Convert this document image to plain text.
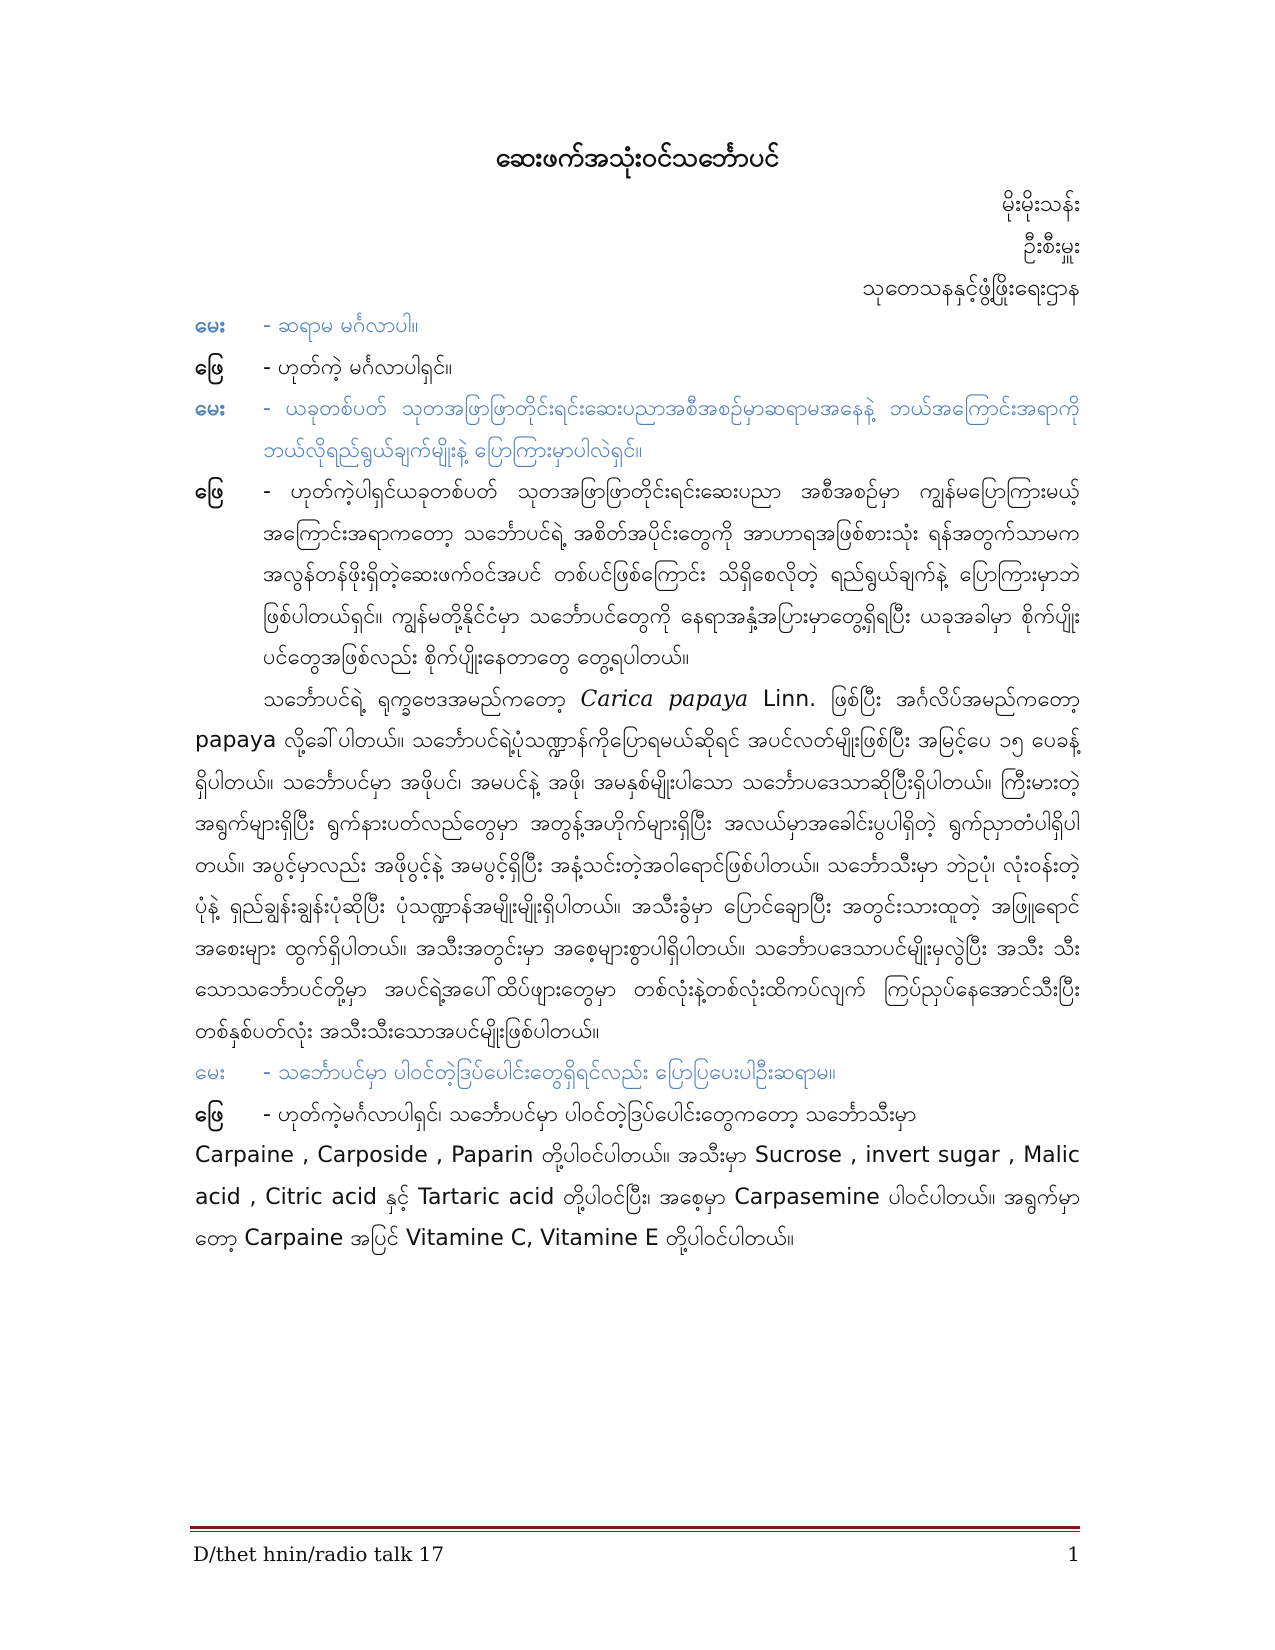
ဆေးဖက်အသုံးဝင်သင်္ဘောပင်
မိုးမိုးသန်း
ဦးစီးမှူး
သုတေသနနှင့်ဖွံ့ဖြိုးရေးဌာန
မေး	- ဆရာမ မင်္ဂလာပါ။
ဖြေ	- ဟုတ်ကဲ့ မင်္ဂလာပါရှင်။
မေး	- ယခုတစ်ပတ် သုတအဖြာဖြာတိုင်းရင်းဆေးပညာအစီအစဉ်မှာဆရာမအနေနဲ့ ဘယ်အကြောင်းအရာကို ဘယ်လိုရည်ရွယ်ချက်မျိုးနဲ့ ပြောကြားမှာပါလဲရှင်။
ဖြေ	- ဟုတ်ကဲ့ပါရှင်ယခုတစ်ပတ် သုတအဖြာဖြာတိုင်းရင်းဆေးပညာ အစီအစဉ်မှာ ကျွန်မပြောကြားမယ့် အကြောင်းအရာကတော့ သင်္ဘောပင်ရဲ့ အစိတ်အပိုင်းတွေကို အာဟာရအဖြစ်စားသုံး ရန်အတွက်သာမက အလွန်တန်ဖိုးရှိတဲ့ဆေးဖက်ဝင်အပင် တစ်ပင်ဖြစ်ကြောင်း သိရှိစေလိုတဲ့ ရည်ရွယ်ချက်နဲ့ ပြောကြားမှာဘဲဖြစ်ပါတယ်ရှင်။ ကျွန်မတို့နိုင်ငံမှာ သင်္ဘောပင်တွေကို နေရာအနှံ့အပြားမှာတွေ့ရှိရပြီး ယခုအခါမှာ စိုက်ပျိုးပင်တွေအဖြစ်လည်း စိုက်ပျိုးနေတာတွေ တွေ့ရပါတယ်။

သင်္ဘောပင်ရဲ့ ရုက္ခဗေဒအမည်ကတော့ Carica papaya Linn. ဖြစ်ပြီး အင်္ဂလိပ်အမည်ကတော့ papaya လို့ခေါ်ပါတယ်။ သင်္ဘောပင်ရဲ့ပုံသဏ္ဍာန်ကိုပြောရမယ်ဆိုရင် အပင်လတ်မျိုးဖြစ်ပြီး အမြင့်ပေ ၁၅ ပေခန့်ရှိပါတယ်။ သင်္ဘောပင်မှာ အဖိုပင်၊ အမပင်နဲ့ အဖို၊ အမနှစ်မျိုးပါသော သင်္ဘောပဒေသာဆိုပြီးရှိပါတယ်။ ကြီးမားတဲ့အရွက်များရှိပြီး ရွက်နားပတ်လည်တွေမှာ အတွန့်အဟိုက်များရှိပြီး အလယ်မှာအခေါင်းပွပါရှိတဲ့ ရွက်ညှာတံပါရှိပါတယ်။ အပွင့်မှာလည်း အဖိုပွင့်နဲ့ အမပွင့်ရှိပြီး အနံ့သင်းတဲ့အဝါရောင်ဖြစ်ပါတယ်။ သင်္ဘောသီးမှာ ဘဲဥပုံ၊ လုံးဝန်းတဲ့ပုံနဲ့ ရှည်ချွန်းချွန်းပုံဆိုပြီး ပုံသဏ္ဍာန်အမျိုးမျိုးရှိပါတယ်။ အသီးခွံမှာ ပြောင်ချောပြီး အတွင်းသားထူတဲ့ အဖြူရောင်အစေးများ ထွက်ရှိပါတယ်။ အသီးအတွင်းမှာ အစေ့များစွာပါရှိပါတယ်။ သင်္ဘောပဒေသာပင်မျိုးမှလွဲပြီး အသီး သီးသောသင်္ဘောပင်တို့မှာ အပင်ရဲ့အပေါ်ထိပ်ဖျားတွေမှာ တစ်လုံးနဲ့တစ်လုံးထိကပ်လျက် ကြပ်ညှပ်နေအောင်သီးပြီး တစ်နှစ်ပတ်လုံး အသီးသီးသောအပင်မျိုးဖြစ်ပါတယ်။

မေး	- သင်္ဘောပင်မှာ ပါဝင်တဲ့ဒြပ်ပေါင်းတွေရှိရင်လည်း ပြောပြပေးပါဦးဆရာမ။
ဖြေ	- ဟုတ်ကဲ့မင်္ဂလာပါရှင်၊ သင်္ဘောပင်မှာ ပါဝင်တဲ့ဒြပ်ပေါင်းတွေကတော့ သင်္ဘောသီးမှာ

Carpaine , Carposide , Paparin တို့ပါဝင်ပါတယ်။ အသီးမှာ Sucrose , invert sugar , Malic acid , Citric acid နှင့် Tartaric acid တို့ပါဝင်ပြီး၊ အစေ့မှာ Carpasemine ပါဝင်ပါတယ်။ အရွက်မှာတော့ Carpaine အပြင် Vitamine C, Vitamine E တို့ပါဝင်ပါတယ်။

D/thet hnin/radio talk 17	1
